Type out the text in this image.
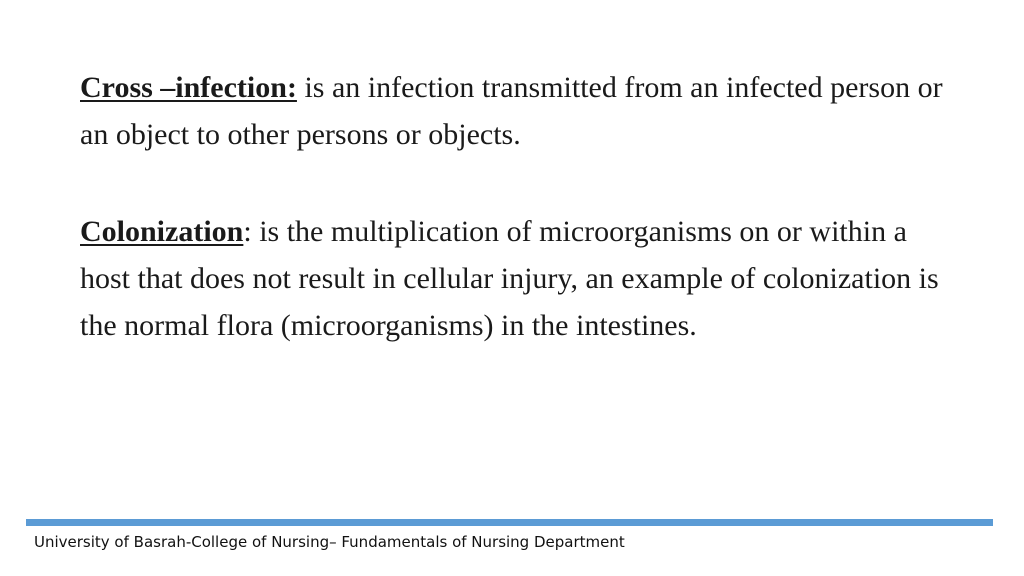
Cross –infection: is an infection transmitted from an infected person or an object to other persons or objects.

Colonization: is the multiplication of microorganisms on or within a host that does not result in cellular injury, an example of colonization is the normal flora (microorganisms) in the intestines.

University of Basrah-College of Nursing– Fundamentals of Nursing Department
